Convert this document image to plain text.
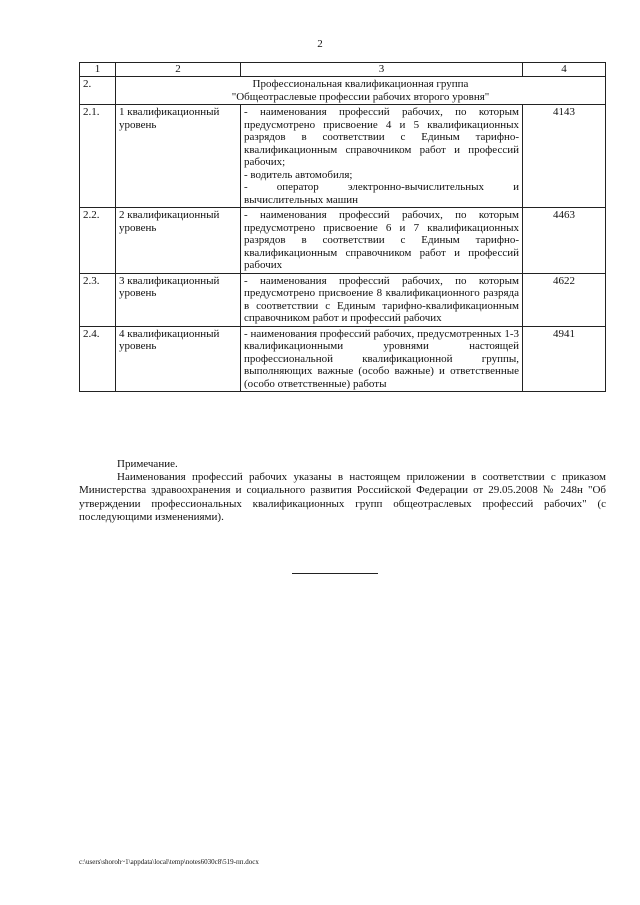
2
1	2	3	4
2.	Профессиональная квалификационная группа
"Общеотраслевые профессии рабочих второго уровня"		

2.1.	1 квалификационный
уровень	- наименования профессий рабочих, по которым предусмотрено присвоение 4 и 5 квалификационных разрядов в соответствии с Единым тарифно-квалификационным справочником работ и профессий рабочих;
- водитель автомобиля;
- оператор электронно-вычислительных и вычислительных машин	4143
2.2.	2 квалификационный
уровень	- наименования профессий рабочих, по которым предусмотрено присвоение 6 и 7 квалификационных разрядов в соответствии с Единым тарифно-квалификационным справочником работ и профессий рабочих	4463
2.3.	3 квалификационный
уровень	- наименования профессий рабочих, по которым предусмотрено присвоение 8 квалификационного разряда в соответствии с Единым тарифно-квалификационным справочником работ и профессий рабочих	4622
2.4.	4 квалификационный
уровень	- наименования профессий рабочих, предусмотренных 1-3 квалификационными уровнями настоящей профессиональной квалификационной группы, выполняющих важные (особо важные) и ответственные (особо ответственные) работы	4941
Примечание.
Наименования профессий рабочих указаны в настоящем приложении в соответствии с приказом Министерства здравоохранения и социального развития Российской Федерации от 29.05.2008 № 248н "Об утверждении профессиональных квалификационных групп общеотраслевых профессий рабочих" (с последующими изменениями).
c:\users\shoroh~1\appdata\local\temp\notes6030c8\519-пп.docx
